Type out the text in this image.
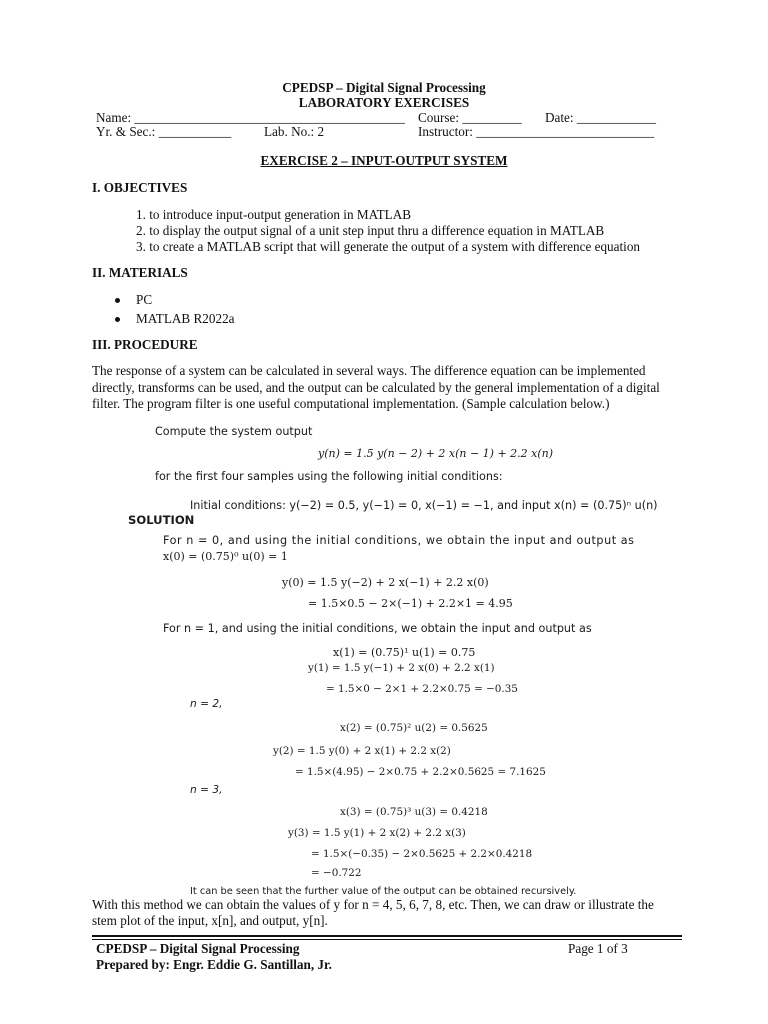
CPEDSP – Digital Signal Processing
LABORATORY EXERCISES
Name: _________________________________________ Course: _________ Date: ____________
Yr. & Sec.: ___________ Lab. No.: 2	Instructor: ___________________________
EXERCISE 2 – INPUT-OUTPUT SYSTEM
I. OBJECTIVES
1. to introduce input-output generation in MATLAB
2. to display the output signal of a unit step input thru a difference equation in MATLAB
3. to create a MATLAB script that will generate the output of a system with difference equation
II. MATERIALS
PC
MATLAB R2022a
III. PROCEDURE
The response of a system can be calculated in several ways. The difference equation can be implemented directly, transforms can be used, and the output can be calculated by the general implementation of a digital filter. The program filter is one useful computational implementation. (Sample calculation below.)
Compute the system output
y(n) = 1.5 y(n − 2) + 2 x(n − 1) + 2.2 x(n)
for the first four samples using the following initial conditions:
Initial conditions: y(−2) = 0.5, y(−1) = 0, x(−1) = −1, and input x(n) = (0.75)ⁿ u(n)
SOLUTION
For n = 0, and using the initial conditions, we obtain the input and output as
x(0) = (0.75)⁰ u(0) = 1
y(0) = 1.5 y(−2) + 2 x(−1) + 2.2 x(0)
= 1.5×0.5 − 2×(−1) + 2.2×1 = 4.95
For n = 1, and using the initial conditions, we obtain the input and output as
x(1) = (0.75)¹ u(1) = 0.75
y(1) = 1.5 y(−1) + 2 x(0) + 2.2 x(1)
= 1.5×0 − 2×1 + 2.2×0.75 = −0.35
n = 2,
x(2) = (0.75)² u(2) = 0.5625
y(2) = 1.5 y(0) + 2 x(1) + 2.2 x(2)
= 1.5×(4.95) − 2×0.75 + 2.2×0.5625 = 7.1625
n = 3,
x(3) = (0.75)³ u(3) = 0.4218
y(3) = 1.5 y(1) + 2 x(2) + 2.2 x(3)
= 1.5×(−0.35) − 2×0.5625 + 2.2×0.4218
= −0.722
It can be seen that the further value of the output can be obtained recursively.
With this method we can obtain the values of y for n = 4, 5, 6, 7, 8, etc. Then, we can draw or illustrate the stem plot of the input, x[n], and output, y[n].
CPEDSP – Digital Signal Processing	Page 1 of 3
Prepared by: Engr. Eddie G. Santillan, Jr.
